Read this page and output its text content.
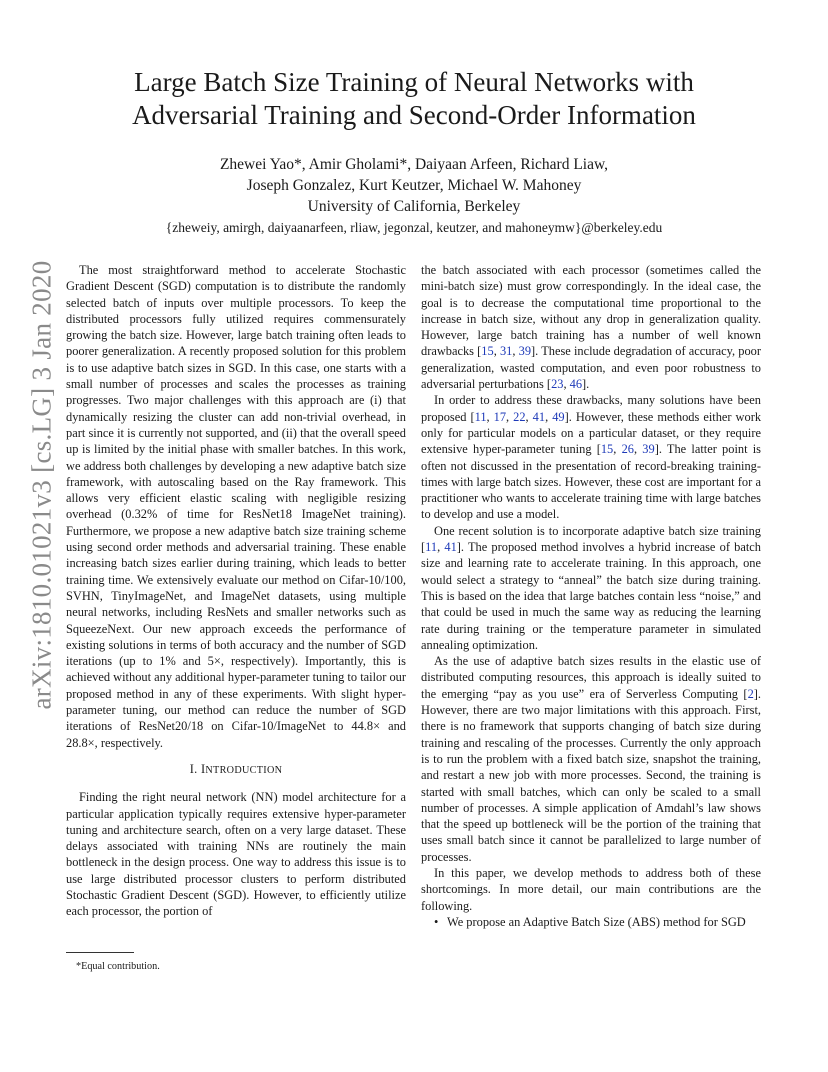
arXiv:1810.01021v3 [cs.LG] 3 Jan 2020
Large Batch Size Training of Neural Networks with
Adversarial Training and Second-Order Information
Zhewei Yao*, Amir Gholami*, Daiyaan Arfeen, Richard Liaw,
Joseph Gonzalez, Kurt Keutzer, Michael W. Mahoney
University of California, Berkeley
{zheweiy, amirgh, daiyaanarfeen, rliaw, jegonzal, keutzer, and mahoneymw}@berkeley.edu

The most straightforward method to accelerate Stochastic Gradient Descent (SGD) computation is to distribute the randomly selected batch of inputs over multiple processors. To keep the distributed processors fully utilized requires commensurately growing the batch size. However, large batch training often leads to poorer generalization. A recently proposed solution for this problem is to use adaptive batch sizes in SGD. In this case, one starts with a small number of processes and scales the processes as training progresses. Two major challenges with this approach are (i) that dynamically resizing the cluster can add non-trivial overhead, in part since it is currently not supported, and (ii) that the overall speed up is limited by the initial phase with smaller batches. In this work, we address both challenges by developing a new adaptive batch size framework, with autoscaling based on the Ray framework. This allows very efficient elastic scaling with negligible resizing overhead (0.32% of time for ResNet18 ImageNet training). Furthermore, we propose a new adaptive batch size training scheme using second order methods and adversarial training. These enable increasing batch sizes earlier during training, which leads to better training time. We extensively evaluate our method on Cifar-10/100, SVHN, TinyImageNet, and ImageNet datasets, using multiple neural networks, including ResNets and smaller networks such as SqueezeNext. Our new approach exceeds the performance of existing solutions in terms of both accuracy and the number of SGD iterations (up to 1% and 5×, respectively). Importantly, this is achieved without any additional hyper-parameter tuning to tailor our proposed method in any of these experiments. With slight hyper-parameter tuning, our method can reduce the number of SGD iterations of ResNet20/18 on Cifar-10/ImageNet to 44.8× and 28.8×, respectively.

I. INTRODUCTION

Finding the right neural network (NN) model architecture for a particular application typically requires extensive hyper-parameter tuning and architecture search, often on a very large dataset. These delays associated with training NNs are routinely the main bottleneck in the design process. One way to address this issue is to use large distributed processor clusters to perform distributed Stochastic Gradient Descent (SGD). However, to efficiently utilize each processor, the portion of

*Equal contribution.

the batch associated with each processor (sometimes called the mini-batch size) must grow correspondingly. In the ideal case, the goal is to decrease the computational time proportional to the increase in batch size, without any drop in generalization quality. However, large batch training has a number of well known drawbacks [15, 31, 39]. These include degradation of accuracy, poor generalization, wasted computation, and even poor robustness to adversarial perturbations [23, 46].

In order to address these drawbacks, many solutions have been proposed [11, 17, 22, 41, 49]. However, these methods either work only for particular models on a particular dataset, or they require extensive hyper-parameter tuning [15, 26, 39]. The latter point is often not discussed in the presentation of record-breaking training-times with large batch sizes. However, these cost are important for a practitioner who wants to accelerate training time with large batches to develop and use a model.

One recent solution is to incorporate adaptive batch size training [11, 41]. The proposed method involves a hybrid increase of batch size and learning rate to accelerate training. In this approach, one would select a strategy to “anneal” the batch size during training. This is based on the idea that large batches contain less “noise,” and that could be used in much the same way as reducing the learning rate during training or the temperature parameter in simulated annealing optimization.

As the use of adaptive batch sizes results in the elastic use of distributed computing resources, this approach is ideally suited to the emerging “pay as you use” era of Serverless Computing [2]. However, there are two major limitations with this approach. First, there is no framework that supports changing of batch size during training and rescaling of the processes. Currently the only approach is to run the problem with a fixed batch size, snapshot the training, and restart a new job with more processes. Second, the training is started with small batches, which can only be scaled to a small number of processes. A simple application of Amdahl’s law shows that the speed up bottleneck will be the portion of the training that uses small batch since it cannot be parallelized to large number of processes.

In this paper, we develop methods to address both of these shortcomings. In more detail, our main contributions are the following.

• We propose an Adaptive Batch Size (ABS) method for SGD
